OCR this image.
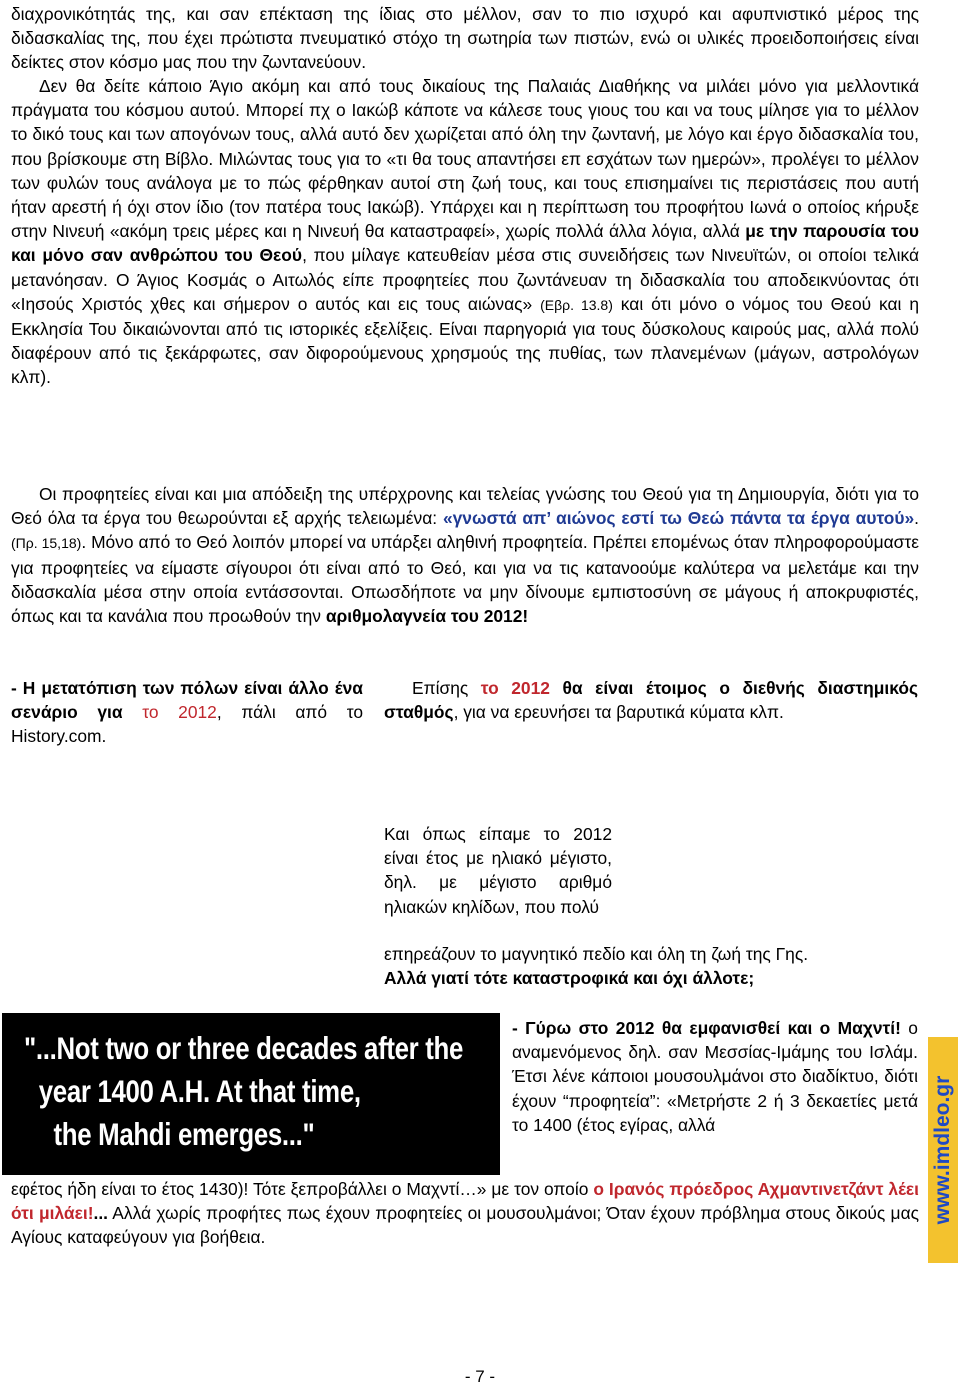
διαχρονικότητάς της, και σαν επέκταση της ίδιας στο μέλλον, σαν το πιο ισχυρό και αφυπνιστικό μέρος της διδασκαλίας της, που έχει πρώτιστα πνευματικό στόχο τη σωτηρία των πιστών, ενώ οι υλικές προειδοποιήσεις είναι δείκτες στον κόσμο μας που την ζωντανεύουν.

Δεν θα δείτε κάποιο Άγιο ακόμη και από τους δικαίους της Παλαιάς Διαθήκης να μιλάει μόνο για μελλοντικά πράγματα του κόσμου αυτού. Μπορεί πχ ο Ιακώβ κάποτε να κάλεσε τους γιους του και να τους μίλησε για το μέλλον το δικό τους και των απογόνων τους, αλλά αυτό δεν χωρίζεται από όλη την ζωντανή, με λόγο και έργο διδασκαλία του, που βρίσκουμε στη Βίβλο. Μιλώντας τους για το «τι θα τους απαντήσει επ εσχάτων των ημερών», προλέγει το μέλλον των φυλών τους ανάλογα με το πώς φέρθηκαν αυτοί στη ζωή τους, και τους επισημαίνει τις περιστάσεις που αυτή ήταν αρεστή ή όχι στον ίδιο (τον πατέρα τους Ιακώβ). Υπάρχει και η περίπτωση του προφήτου Ιωνά ο οποίος κήρυξε στην Νινευή «ακόμη τρεις μέρες και η Νινευή θα καταστραφεί», χωρίς πολλά άλλα λόγια, αλλά με την παρουσία του και μόνο σαν ανθρώπου του Θεού, που μίλαγε κατευθείαν μέσα στις συνειδήσεις των Νινευϊτών, οι οποίοι τελικά μετανόησαν. Ο Άγιος Κοσμάς ο Αιτωλός είπε προφητείες που ζωντάνευαν τη διδασκαλία του αποδεικνύοντας ότι «Ιησούς Χριστός χθες και σήμερον ο αυτός και εις τους αιώνας» (Εβρ. 13.8) και ότι μόνο ο νόμος του Θεού και η Εκκλησία Του δικαιώνονται από τις ιστορικές εξελίξεις. Είναι παρηγοριά για τους δύσκολους καιρούς μας, αλλά πολύ διαφέρουν από τις ξεκάρφωτες, σαν διφορούμενους χρησμούς της πυθίας, των πλανεμένων (μάγων, αστρολόγων κλπ).

Οι προφητείες είναι και μια απόδειξη της υπέρχρονης και τελείας γνώσης του Θεού για τη Δημιουργία, διότι για το Θεό όλα τα έργα του θεωρούνται εξ αρχής τελειωμένα: «γνωστά απ’ αιώνος εστί τω Θεώ πάντα τα έργα αυτού». (Πρ. 15,18). Μόνο από το Θεό λοιπόν μπορεί να υπάρξει αληθινή προφητεία. Πρέπει επομένως όταν πληροφορούμαστε για προφητείες να είμαστε σίγουροι ότι είναι από το Θεό, και για να τις κατανοούμε καλύτερα να μελετάμε και την διδασκαλία μέσα στην οποία εντάσσονται. Οπωσδήποτε να μην δίνουμε εμπιστοσύνη σε μάγους ή αποκρυφιστές, όπως και τα κανάλια που προωθούν την αριθμολαγνεία του 2012!

- Η μετατόπιση των πόλων είναι άλλο ένα σενάριο για το 2012, πάλι από το History.com.

Επίσης το 2012 θα είναι έτοιμος ο διεθνής διαστημικός σταθμός, για να ερευνήσει τα βαρυτικά κύματα κλπ.

Και όπως είπαμε το 2012 είναι έτος με ηλιακό μέγιστο, δηλ. με μέγιστο αριθμό ηλιακών κηλίδων, που πολύ

επηρεάζουν το μαγνητικό πεδίο και όλη τη ζωή της Γης.
Αλλά γιατί τότε καταστροφικά και όχι άλλοτε;

"...Not two or three decades after the
year 1400 A.H. At that time,
the Mahdi emerges..."

- Γύρω στο 2012 θα εμφανισθεί και ο Μαχντί! ο αναμενόμενος δηλ. σαν Μεσσίας-Ιμάμης του Ισλάμ. Έτσι λένε κάποιοι μουσουλμάνοι στο διαδίκτυο, διότι έχουν “προφητεία”: «Μετρήστε 2 ή 3 δεκαετίες μετά το 1400 (έτος εγίρας, αλλά

εφέτος ήδη είναι το έτος 1430)! Τότε ξεπροβάλλει ο Μαχντί…» με τον οποίο ο Ιρανός πρόεδρος Αχμαντινετζάντ λέει ότι μιλάει!... Αλλά χωρίς προφήτες πως έχουν προφητείες οι μουσουλμάνοι; Όταν έχουν πρόβλημα στους δικούς μας Αγίους καταφεύγουν για βοήθεια.

www.imdleo.gr
- 7 -
